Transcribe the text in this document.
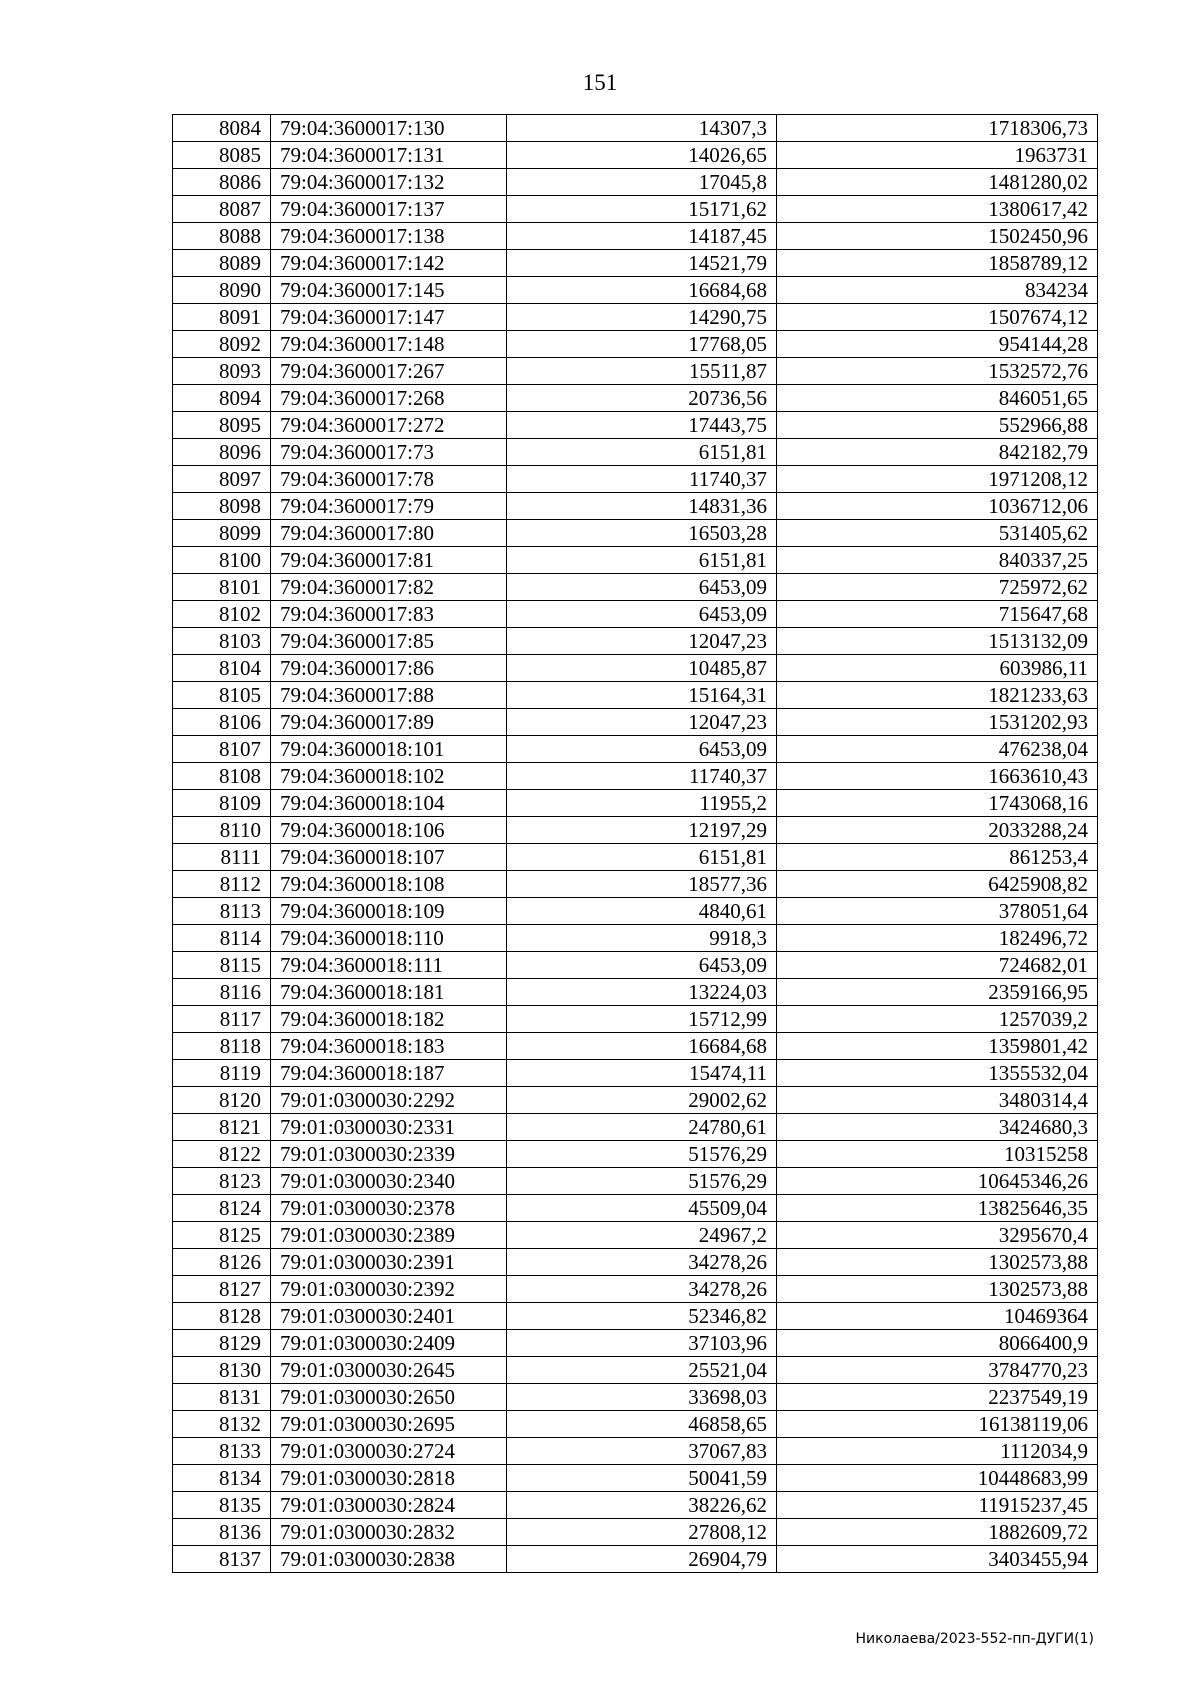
151
8084	79:04:3600017:130	14307,3	1718306,73
8085	79:04:3600017:131	14026,65	1963731
8086	79:04:3600017:132	17045,8	1481280,02
8087	79:04:3600017:137	15171,62	1380617,42
8088	79:04:3600017:138	14187,45	1502450,96
8089	79:04:3600017:142	14521,79	1858789,12
8090	79:04:3600017:145	16684,68	834234
8091	79:04:3600017:147	14290,75	1507674,12
8092	79:04:3600017:148	17768,05	954144,28
8093	79:04:3600017:267	15511,87	1532572,76
8094	79:04:3600017:268	20736,56	846051,65
8095	79:04:3600017:272	17443,75	552966,88
8096	79:04:3600017:73	6151,81	842182,79
8097	79:04:3600017:78	11740,37	1971208,12
8098	79:04:3600017:79	14831,36	1036712,06
8099	79:04:3600017:80	16503,28	531405,62
8100	79:04:3600017:81	6151,81	840337,25
8101	79:04:3600017:82	6453,09	725972,62
8102	79:04:3600017:83	6453,09	715647,68
8103	79:04:3600017:85	12047,23	1513132,09
8104	79:04:3600017:86	10485,87	603986,11
8105	79:04:3600017:88	15164,31	1821233,63
8106	79:04:3600017:89	12047,23	1531202,93
8107	79:04:3600018:101	6453,09	476238,04
8108	79:04:3600018:102	11740,37	1663610,43
8109	79:04:3600018:104	11955,2	1743068,16
8110	79:04:3600018:106	12197,29	2033288,24
8111	79:04:3600018:107	6151,81	861253,4
8112	79:04:3600018:108	18577,36	6425908,82
8113	79:04:3600018:109	4840,61	378051,64
8114	79:04:3600018:110	9918,3	182496,72
8115	79:04:3600018:111	6453,09	724682,01
8116	79:04:3600018:181	13224,03	2359166,95
8117	79:04:3600018:182	15712,99	1257039,2
8118	79:04:3600018:183	16684,68	1359801,42
8119	79:04:3600018:187	15474,11	1355532,04
8120	79:01:0300030:2292	29002,62	3480314,4
8121	79:01:0300030:2331	24780,61	3424680,3
8122	79:01:0300030:2339	51576,29	10315258
8123	79:01:0300030:2340	51576,29	10645346,26
8124	79:01:0300030:2378	45509,04	13825646,35
8125	79:01:0300030:2389	24967,2	3295670,4
8126	79:01:0300030:2391	34278,26	1302573,88
8127	79:01:0300030:2392	34278,26	1302573,88
8128	79:01:0300030:2401	52346,82	10469364
8129	79:01:0300030:2409	37103,96	8066400,9
8130	79:01:0300030:2645	25521,04	3784770,23
8131	79:01:0300030:2650	33698,03	2237549,19
8132	79:01:0300030:2695	46858,65	16138119,06
8133	79:01:0300030:2724	37067,83	1112034,9
8134	79:01:0300030:2818	50041,59	10448683,99
8135	79:01:0300030:2824	38226,62	11915237,45
8136	79:01:0300030:2832	27808,12	1882609,72
8137	79:01:0300030:2838	26904,79	3403455,94
Николаева/2023-552-пп-ДУГИ(1)
